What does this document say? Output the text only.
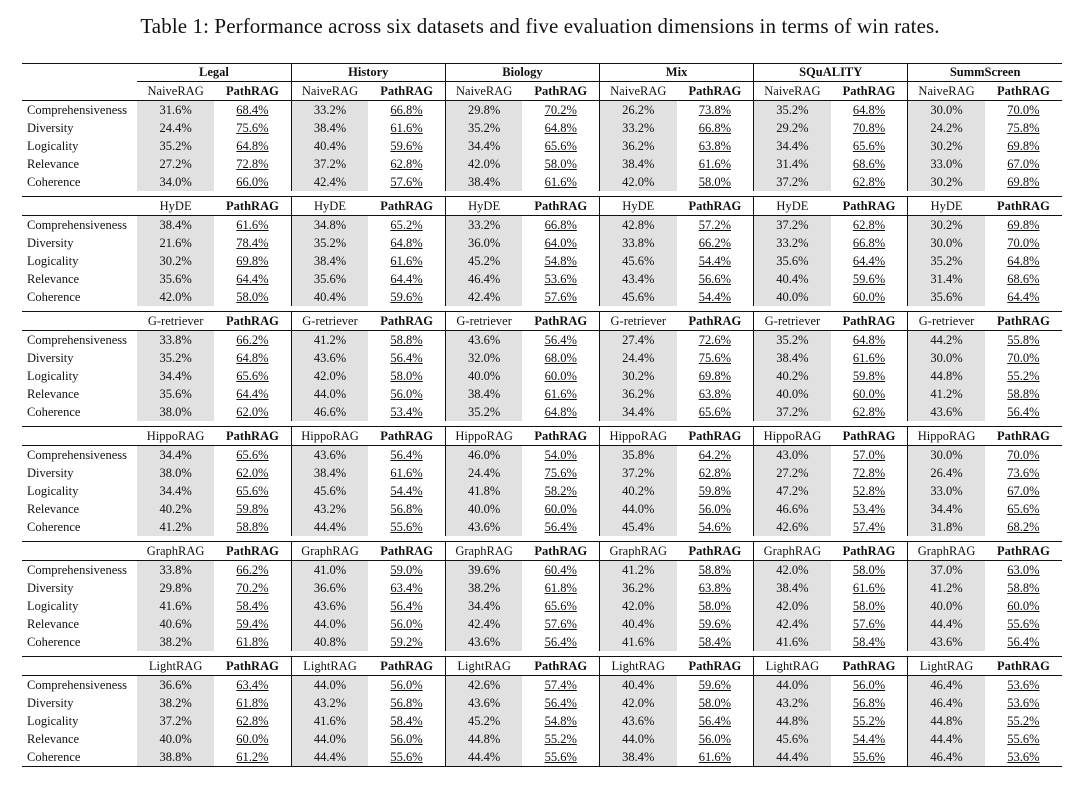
Table 1: Performance across six datasets and five evaluation dimensions in terms of win rates.
	Legal		History		Biology		Mix		SQuALITY		SummScreen	
	NaiveRAG	PathRAG	NaiveRAG	PathRAG	NaiveRAG	PathRAG	NaiveRAG	PathRAG	NaiveRAG	PathRAG	NaiveRAG	PathRAG
Comprehensiveness	31.6%	68.4%	33.2%	66.8%	29.8%	70.2%	26.2%	73.8%	35.2%	64.8%	30.0%	70.0%
Diversity	24.4%	75.6%	38.4%	61.6%	35.2%	64.8%	33.2%	66.8%	29.2%	70.8%	24.2%	75.8%
Logicality	35.2%	64.8%	40.4%	59.6%	34.4%	65.6%	36.2%	63.8%	34.4%	65.6%	30.2%	69.8%
Relevance	27.2%	72.8%	37.2%	62.8%	42.0%	58.0%	38.4%	61.6%	31.4%	68.6%	33.0%	67.0%
Coherence	34.0%	66.0%	42.4%	57.6%	38.4%	61.6%	42.0%	58.0%	37.2%	62.8%	30.2%	69.8%

	HyDE	PathRAG	HyDE	PathRAG	HyDE	PathRAG	HyDE	PathRAG	HyDE	PathRAG	HyDE	PathRAG
Comprehensiveness	38.4%	61.6%	34.8%	65.2%	33.2%	66.8%	42.8%	57.2%	37.2%	62.8%	30.2%	69.8%
Diversity	21.6%	78.4%	35.2%	64.8%	36.0%	64.0%	33.8%	66.2%	33.2%	66.8%	30.0%	70.0%
Logicality	30.2%	69.8%	38.4%	61.6%	45.2%	54.8%	45.6%	54.4%	35.6%	64.4%	35.2%	64.8%
Relevance	35.6%	64.4%	35.6%	64.4%	46.4%	53.6%	43.4%	56.6%	40.4%	59.6%	31.4%	68.6%
Coherence	42.0%	58.0%	40.4%	59.6%	42.4%	57.6%	45.6%	54.4%	40.0%	60.0%	35.6%	64.4%

	G-retriever	PathRAG	G-retriever	PathRAG	G-retriever	PathRAG	G-retriever	PathRAG	G-retriever	PathRAG	G-retriever	PathRAG
Comprehensiveness	33.8%	66.2%	41.2%	58.8%	43.6%	56.4%	27.4%	72.6%	35.2%	64.8%	44.2%	55.8%
Diversity	35.2%	64.8%	43.6%	56.4%	32.0%	68.0%	24.4%	75.6%	38.4%	61.6%	30.0%	70.0%
Logicality	34.4%	65.6%	42.0%	58.0%	40.0%	60.0%	30.2%	69.8%	40.2%	59.8%	44.8%	55.2%
Relevance	35.6%	64.4%	44.0%	56.0%	38.4%	61.6%	36.2%	63.8%	40.0%	60.0%	41.2%	58.8%
Coherence	38.0%	62.0%	46.6%	53.4%	35.2%	64.8%	34.4%	65.6%	37.2%	62.8%	43.6%	56.4%

	HippoRAG	PathRAG	HippoRAG	PathRAG	HippoRAG	PathRAG	HippoRAG	PathRAG	HippoRAG	PathRAG	HippoRAG	PathRAG
Comprehensiveness	34.4%	65.6%	43.6%	56.4%	46.0%	54.0%	35.8%	64.2%	43.0%	57.0%	30.0%	70.0%
Diversity	38.0%	62.0%	38.4%	61.6%	24.4%	75.6%	37.2%	62.8%	27.2%	72.8%	26.4%	73.6%
Logicality	34.4%	65.6%	45.6%	54.4%	41.8%	58.2%	40.2%	59.8%	47.2%	52.8%	33.0%	67.0%
Relevance	40.2%	59.8%	43.2%	56.8%	40.0%	60.0%	44.0%	56.0%	46.6%	53.4%	34.4%	65.6%
Coherence	41.2%	58.8%	44.4%	55.6%	43.6%	56.4%	45.4%	54.6%	42.6%	57.4%	31.8%	68.2%

	GraphRAG	PathRAG	GraphRAG	PathRAG	GraphRAG	PathRAG	GraphRAG	PathRAG	GraphRAG	PathRAG	GraphRAG	PathRAG
Comprehensiveness	33.8%	66.2%	41.0%	59.0%	39.6%	60.4%	41.2%	58.8%	42.0%	58.0%	37.0%	63.0%
Diversity	29.8%	70.2%	36.6%	63.4%	38.2%	61.8%	36.2%	63.8%	38.4%	61.6%	41.2%	58.8%
Logicality	41.6%	58.4%	43.6%	56.4%	34.4%	65.6%	42.0%	58.0%	42.0%	58.0%	40.0%	60.0%
Relevance	40.6%	59.4%	44.0%	56.0%	42.4%	57.6%	40.4%	59.6%	42.4%	57.6%	44.4%	55.6%
Coherence	38.2%	61.8%	40.8%	59.2%	43.6%	56.4%	41.6%	58.4%	41.6%	58.4%	43.6%	56.4%

	LightRAG	PathRAG	LightRAG	PathRAG	LightRAG	PathRAG	LightRAG	PathRAG	LightRAG	PathRAG	LightRAG	PathRAG
Comprehensiveness	36.6%	63.4%	44.0%	56.0%	42.6%	57.4%	40.4%	59.6%	44.0%	56.0%	46.4%	53.6%
Diversity	38.2%	61.8%	43.2%	56.8%	43.6%	56.4%	42.0%	58.0%	43.2%	56.8%	46.4%	53.6%
Logicality	37.2%	62.8%	41.6%	58.4%	45.2%	54.8%	43.6%	56.4%	44.8%	55.2%	44.8%	55.2%
Relevance	40.0%	60.0%	44.0%	56.0%	44.8%	55.2%	44.0%	56.0%	45.6%	54.4%	44.4%	55.6%
Coherence	38.8%	61.2%	44.4%	55.6%	44.4%	55.6%	38.4%	61.6%	44.4%	55.6%	46.4%	53.6%
